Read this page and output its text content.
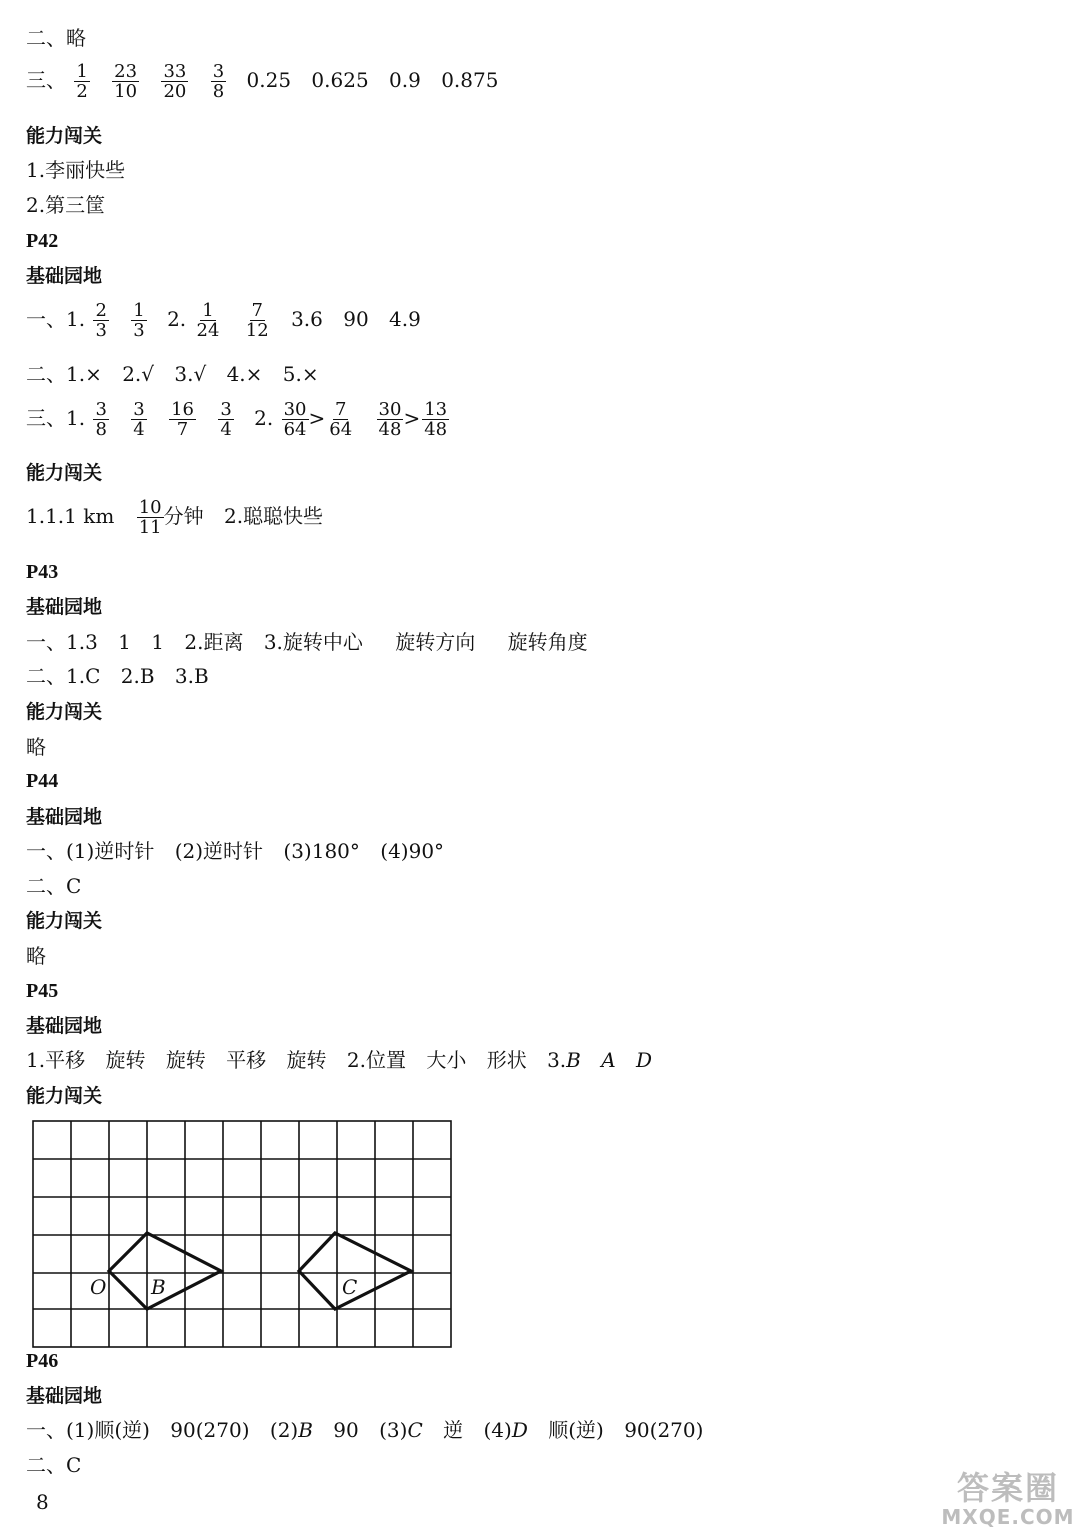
二、略
三、 $\frac{1}{2}$
$\frac{23}{10}$
$\frac{33}{20}$
$\frac{3}{8} 0.25$ 0.625 0.9 0.875
能力闯关
1.李丽快些
2.第三筐
P42
基础园地
一、1. $\frac{2}{3}$
$\frac{1}{3} 2$. $\frac{1}{24}$
$\frac{7}{12} 3.6$ 90 4.9
二、1.× 2.√ 3.√ 4.× 5.×
三、1. $\frac{3}{8}$
$\frac{3}{4}$
$\frac{16}{7}$
$\frac{3}{4} 2$. $\frac{30}{64} > \frac{7}{64}$
$\frac{30}{48} > \frac{13}{48}$
能力闯关
1.1.1 km $\frac{10}{11}$ 分钟 2.聪聪快些
P43
基础园地
一、1.3 1 1 2.距离 3.旋转中心 旋转方向 旋转角度
二、1.C 2.B 3.B
能力闯关
略
P44
基础园地
一、(1)逆时针 (2)逆时针 (3)180° (4)90°
二、C
能力闯关
略
P45
基础园地
1.平移 旋转 旋转 平移 旋转 2.位置 大小 形状 3.B A D
能力闯关
O B	C
P46
基础园地
一、(1)顺(逆) 90(270) (2)B 90 (3)C 逆 (4)D 顺(逆) 90(270)
二、C
8	答案圈
MXQE.COM
